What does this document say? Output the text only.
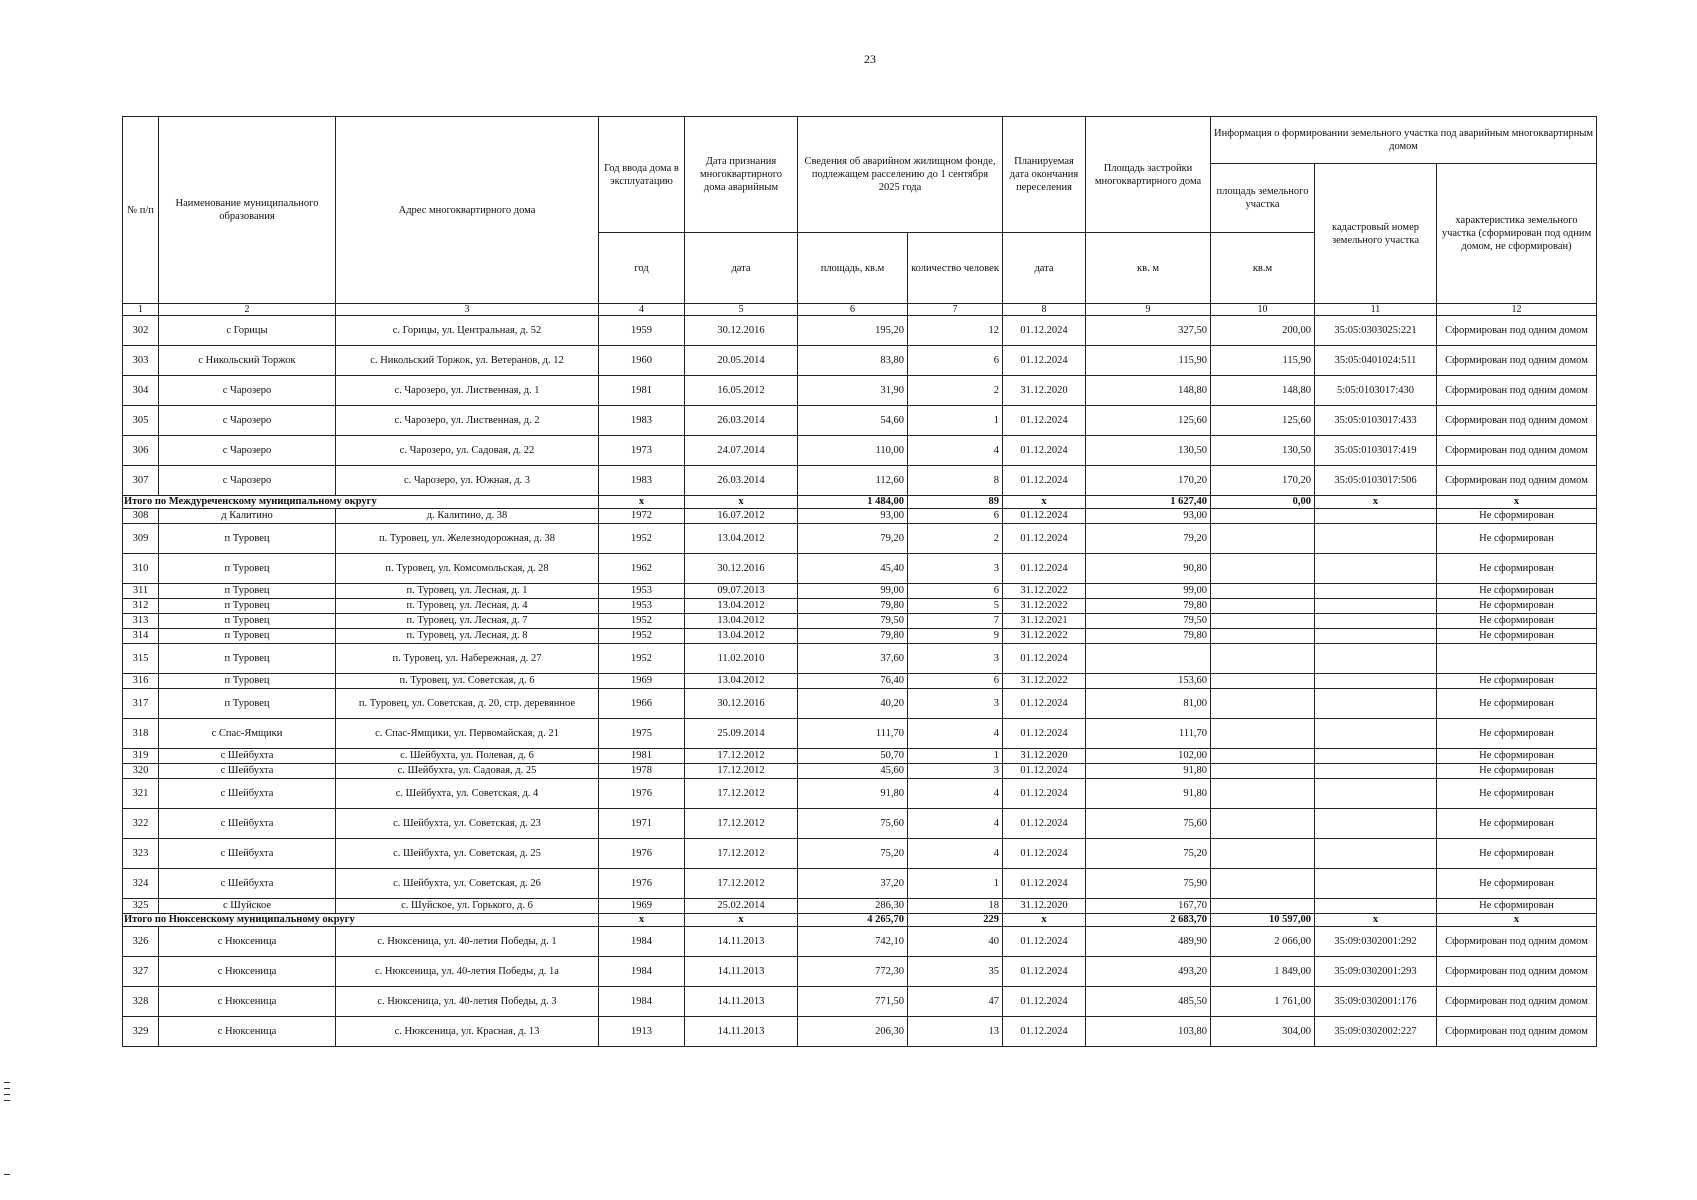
23
№ п/п	Наименование муниципального образования	Адрес многоквартирного дома	Год ввода дома в эксплуатацию	Дата признания многоквартирного дома аварийным	Сведения об аварийном жилищном фонде, подлежащем расселению до 1 сентября 2025 года		Планируемая дата окончания переселения	Площадь застройки многоквартирного дома	Информация о формировании земельного участка под аварийным многоквартирным домом		
									площадь земельного участка	кадастровый номер земельного участка	характеристика земельного участка (сформирован под одним домом, не сформирован)
			год	дата	площадь, кв.м	количество человек	дата	кв. м	кв.м		
1	2	3	4	5	6	7	8	9	10	11	12
302	с Горицы	с. Горицы, ул. Центральная, д. 52	1959	30.12.2016	195,20	12	01.12.2024	327,50	200,00	35:05:0303025:221	Сформирован под одним домом
303	с Никольский Торжок	с. Никольский Торжок, ул. Ветеранов, д. 12	1960	20.05.2014	83,80	6	01.12.2024	115,90	115,90	35:05:0401024:511	Сформирован под одним домом
304	с Чарозеро	с. Чарозеро, ул. Лиственная, д. 1	1981	16.05.2012	31,90	2	31.12.2020	148,80	148,80	5:05:0103017:430	Сформирован под одним домом
305	с Чарозеро	с. Чарозеро, ул. Лиственная, д. 2	1983	26.03.2014	54,60	1	01.12.2024	125,60	125,60	35:05:0103017:433	Сформирован под одним домом
306	с Чарозеро	с. Чарозеро, ул. Садовая, д. 22	1973	24.07.2014	110,00	4	01.12.2024	130,50	130,50	35:05:0103017:419	Сформирован под одним домом
307	с Чарозеро	с. Чарозеро, ул. Южная, д. 3	1983	26.03.2014	112,60	8	01.12.2024	170,20	170,20	35:05:0103017:506	Сформирован под одним домом
Итого по Междуреченскому муниципальному округу			x	x	1 484,00	89	x	1 627,40	0,00	x	x
308	д Калитино	д. Калитино, д. 38	1972	16.07.2012	93,00	6	01.12.2024	93,00			Не сформирован
309	п Туровец	п. Туровец, ул. Железнодорожная, д. 38	1952	13.04.2012	79,20	2	01.12.2024	79,20			Не сформирован
310	п Туровец	п. Туровец, ул. Комсомольская, д. 28	1962	30.12.2016	45,40	3	01.12.2024	90,80			Не сформирован
311	п Туровец	п. Туровец, ул. Лесная, д. 1	1953	09.07.2013	99,00	6	31.12.2022	99,00			Не сформирован
312	п Туровец	п. Туровец, ул. Лесная, д. 4	1953	13.04.2012	79,80	5	31.12.2022	79,80			Не сформирован
313	п Туровец	п. Туровец, ул. Лесная, д. 7	1952	13.04.2012	79,50	7	31.12.2021	79,50			Не сформирован
314	п Туровец	п. Туровец, ул. Лесная, д. 8	1952	13.04.2012	79,80	9	31.12.2022	79,80			Не сформирован
315	п Туровец	п. Туровец, ул. Набережная, д. 27	1952	11.02.2010	37,60	3	01.12.2024				
316	п Туровец	п. Туровец, ул. Советская, д. 6	1969	13.04.2012	76,40	6	31.12.2022	153,60			Не сформирован
317	п Туровец	п. Туровец, ул. Советская, д. 20, стр. деревянное	1966	30.12.2016	40,20	3	01.12.2024	81,00			Не сформирован
318	с Спас-Ямщики	с. Спас-Ямщики, ул. Первомайская, д. 21	1975	25.09.2014	111,70	4	01.12.2024	111,70			Не сформирован
319	с Шейбухта	с. Шейбухта, ул. Полевая, д. 6	1981	17.12.2012	50,70	1	31.12.2020	102,00			Не сформирован
320	с Шейбухта	с. Шейбухта, ул. Садовая, д. 25	1978	17.12.2012	45,60	3	01.12.2024	91,80			Не сформирован
321	с Шейбухта	с. Шейбухта, ул. Советская, д. 4	1976	17.12.2012	91,80	4	01.12.2024	91,80			Не сформирован
322	с Шейбухта	с. Шейбухта, ул. Советская, д. 23	1971	17.12.2012	75,60	4	01.12.2024	75,60			Не сформирован
323	с Шейбухта	с. Шейбухта, ул. Советская, д. 25	1976	17.12.2012	75,20	4	01.12.2024	75,20			Не сформирован
324	с Шейбухта	с. Шейбухта, ул. Советская, д. 26	1976	17.12.2012	37,20	1	01.12.2024	75,90			Не сформирован
325	с Шуйское	с. Шуйское, ул. Горького, д. 6	1969	25.02.2014	286,30	18	31.12.2020	167,70			Не сформирован
Итого по Нюксенскому муниципальному округу			x	x	4 265,70	229	x	2 683,70	10 597,00	x	x
326	с Нюксеница	с. Нюксеница, ул. 40-летия Победы, д. 1	1984	14.11.2013	742,10	40	01.12.2024	489,90	2 066,00	35:09:0302001:292	Сформирован под одним домом
327	с Нюксеница	с. Нюксеница, ул. 40-летия Победы, д. 1а	1984	14.11.2013	772,30	35	01.12.2024	493,20	1 849,00	35:09:0302001:293	Сформирован под одним домом
328	с Нюксеница	с. Нюксеница, ул. 40-летия Победы, д. 3	1984	14.11.2013	771,50	47	01.12.2024	485,50	1 761,00	35:09:0302001:176	Сформирован под одним домом
329	с Нюксеница	с. Нюксеница, ул. Красная, д. 13	1913	14.11.2013	206,30	13	01.12.2024	103,80	304,00	35:09:0302002:227	Сформирован под одним домом
